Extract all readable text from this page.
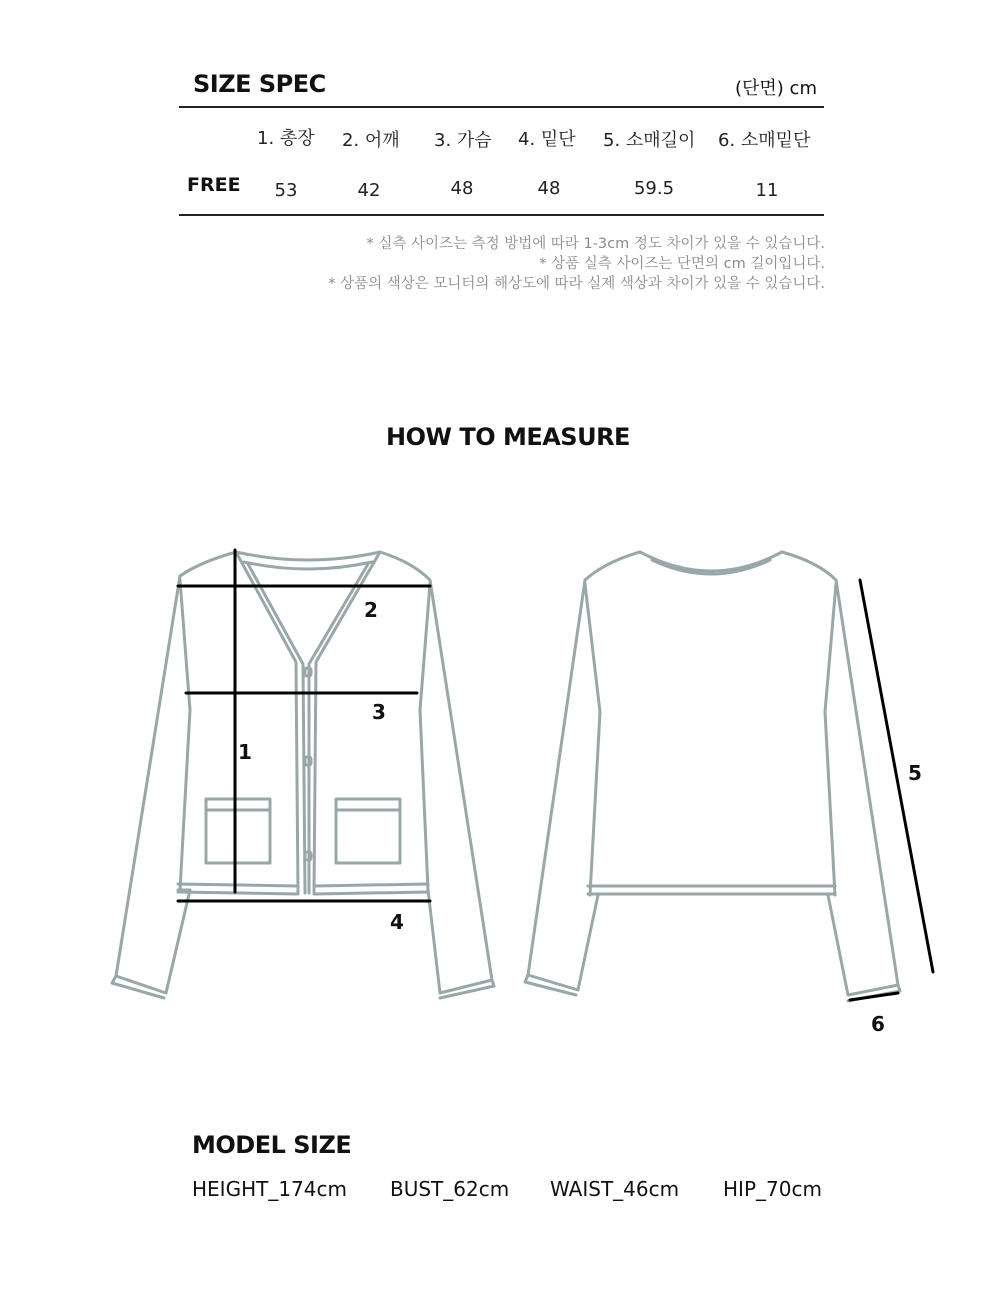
SIZE SPEC	(단면) cm
1. 총장 2. 어깨 3. 가슴 4. 밑단 5. 소매길이 6. 소매밑단
FREE	53	42	48	48	59.5	11
* 실측 사이즈는 측정 방법에 따라 1-3cm 정도 차이가 있을 수 있습니다.
* 상품 실측 사이즈는 단면의 cm 길이입니다.
* 상품의 색상은 모니터의 해상도에 따라 실제 색상과 차이가 있을 수 있습니다.
HOW TO MEASURE
1
2
3
4
5
6
MODEL SIZE
HEIGHT_174cm BUST_62cm WAIST_46cm HIP_70cm
